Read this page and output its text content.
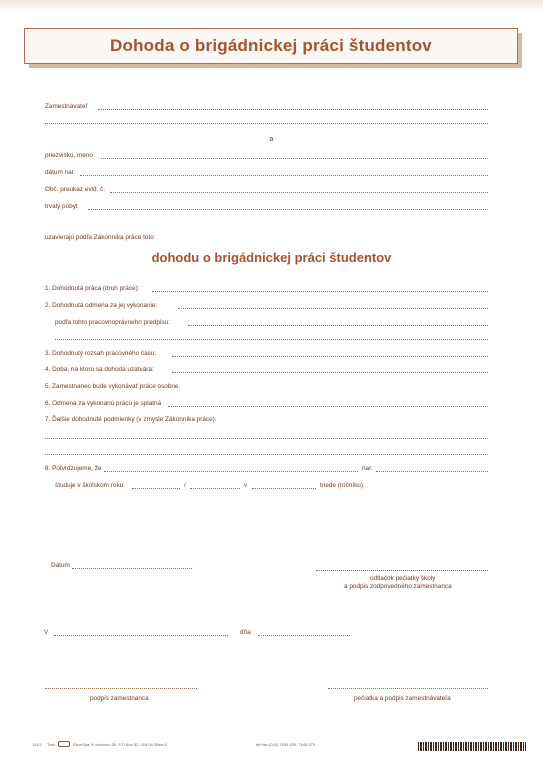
Dohoda o brigádnickej práci študentov
Zamestnávateľ
a
priezvisko, meno
dátum nar.
Obč. preukaz evid. č.
trvalý pobyt
uzavierajú podľa Zákonníka práce túto
dohodu o brigádnickej práci študentov
1. Dohodnutá práca (druh práce):
2. Dohodnutá odmena za jej vykonanie:
podľa tohto pracovnoprávneho predpisu:
3. Dohodnutý rozsah pracovného času:
4. Doba, na ktorú sa dohoda uzatvára:
5. Zamestnanec bude vykonávať práce osobne.
6. Odmena za vykonanú prácu je splatná
7. Ďalšie dohodnuté podmienky (v zmysle Zákonníka práce):
8. Potvrdzujeme, že	nar.
študuje v školskom roku	/	v	triede (ročníku).
Dátum
odtlačok pečiatky školy
a podpis zodpovedného zamestnanca
V	dňa
podpis zamestnanca	pečiatka a podpis zamestnávateľa
151/1 Tlač:	EkonSpa, K cintorínu 30, P.O.Box 52, 018 08 Žilina 8,	tel+fax (041) 7635 635, 7645 375
